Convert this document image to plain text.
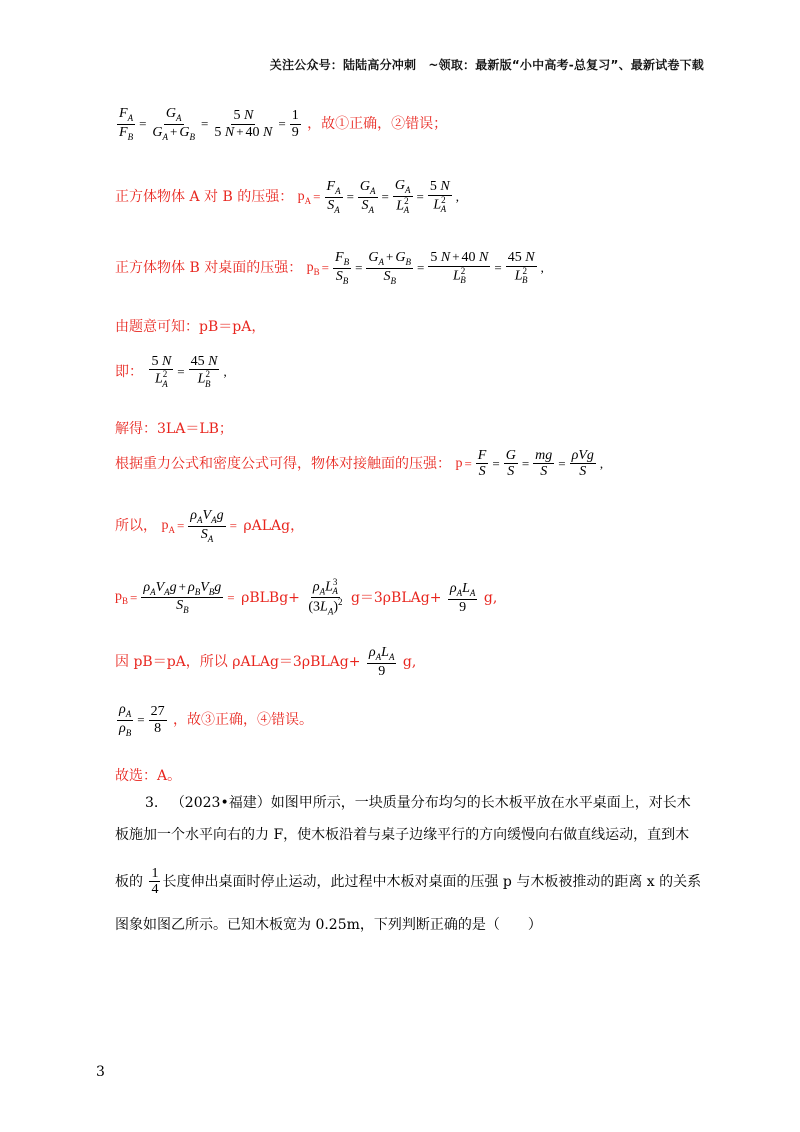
关注公众号：陆陆高分冲刺　~领取：最新版“小中高考-总复习”、最新试卷下载
$\frac{F_A}{F_B} = \frac{G_A}{G_A + G_B} = \frac{5 N}{5 N + 40 N} = \frac{1}{9}$ ，故①正确，②错误；
正方体物体 A 对 B 的压强： $p_A = \frac{F_A}{S_A} = \frac{G_A}{S_A} = \frac{G_A}{L^2_A} = \frac{5 N}{L^2_A}$ ,
正方体物体 B 对桌面的压强： $p_B = \frac{F_B}{S_B} = \frac{G_A + G_B}{S_B} = \frac{5 N + 40 N}{L^2_B} = \frac{45 N}{L^2_B}$ ,
由题意可知：pB＝pA，
即： $\frac{5 N}{L^2_A} = \frac{45 N}{L^2_B}$ ,
解得：3LA＝LB；
根据重力公式和密度公式可得，物体对接触面的压强： $p = \frac{F}{S} = \frac{G}{S} = \frac{mg}{S} = \frac{\text{ρVg}}{S}$ ,
所以， $p_A = \frac{\rho_AV_Ag}{S_A}$ = ρALAg，
$p_B = \frac{\rho_AV_Ag + \rho_BV_Bg}{S_B}$ = ρBLBg+ $\frac{\rho_AL^3_A}{(3L_A)^2}$ g＝3ρBLAg+ $\frac{\rho_AL_A}{9} g$,
因 pB＝pA，所以 ρALAg＝3ρBLAg+ $\frac{\rho_AL_A}{9} g$,
$\frac{\rho_A}{\rho_B} = \frac{27}{8}$ ，故③正确，④错误。
故选：A。
3. （2023•福建）如图甲所示，一块质量分布均匀的长木板平放在水平桌面上，对长木
板施加一个水平向右的力 F，使木板沿着与桌子边缘平行的方向缓慢向右做直线运动，直到木
板的 $\frac{1}{4}$ 长度伸出桌面时停止运动，此过程中木板对桌面的压强 p 与木板被推动的距离 x 的关系
图象如图乙所示。已知木板宽为 0.25m，下列判断正确的是（　　）
3
